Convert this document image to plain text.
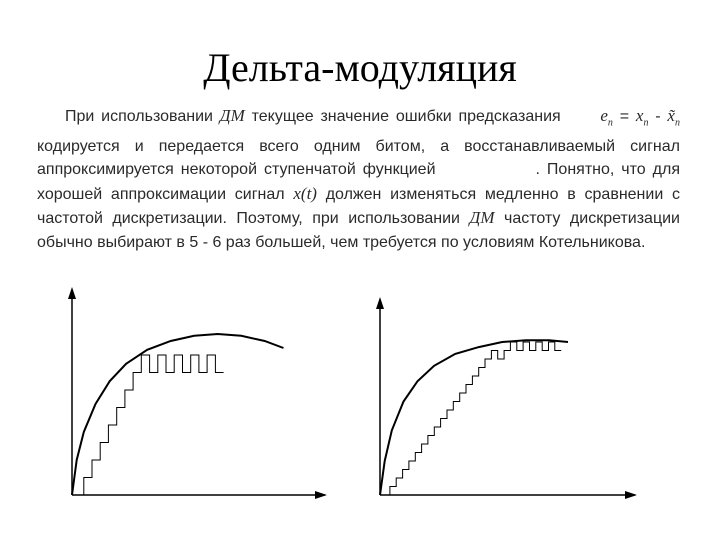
Дельта-модуляция
При использовании ДМ текущее значение ошибки предсказания $e_n = x_n$ - $x̃_n$ кодируется и передается всего одним битом, а восстанавливаемый сигнал аппроксимируется некоторой ступенчатой функцией	. Понятно, что для хорошей аппроксимации сигнал x(t) должен изменяться медленно в сравнении с частотой дискретизации. Поэтому, при использовании ДМ частоту дискретизации обычно выбирают в 5 - 6 раз большей, чем требуется по условиям Котельникова.
